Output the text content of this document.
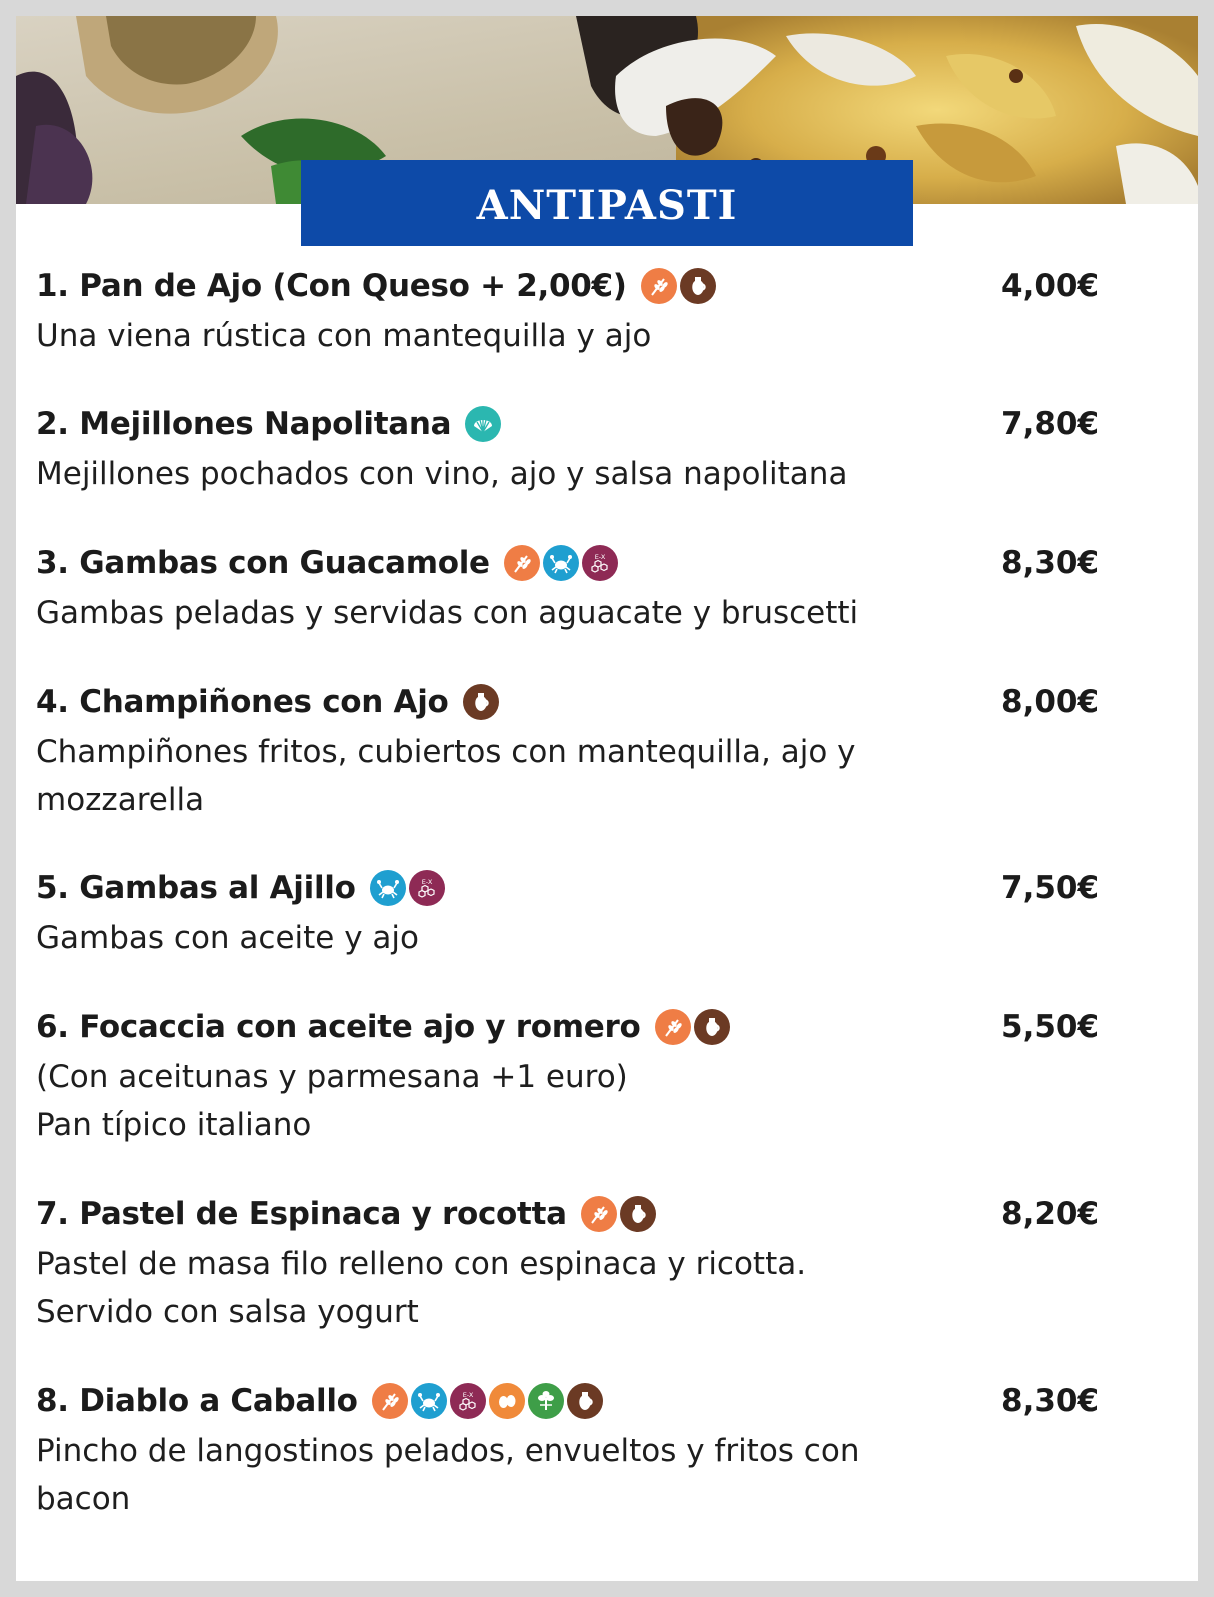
ANTIPASTI
1. Pan de Ajo (Con Queso + 2,00€)	4,00€
Una viena rústica con mantequilla y ajo
2. Mejillones Napolitana	7,80€
Mejillones pochados con vino, ajo y salsa napolitana
3. Gambas con Guacamole	E-X	8,30€
Gambas peladas y servidas con aguacate y bruscetti
4. Champiñones con Ajo	8,00€
Champiñones fritos, cubiertos con mantequilla, ajo y
mozzarella
5. Gambas al Ajillo	E-X	7,50€
Gambas con aceite y ajo
6. Focaccia con aceite ajo y romero	5,50€
(Con aceitunas y parmesana +1 euro)
Pan típico italiano
7. Pastel de Espinaca y rocotta	8,20€
Pastel de masa filo relleno con espinaca y ricotta.
Servido con salsa yogurt
8. Diablo a Caballo	E-X	8,30€
Pincho de langostinos pelados, envueltos y fritos con
bacon
